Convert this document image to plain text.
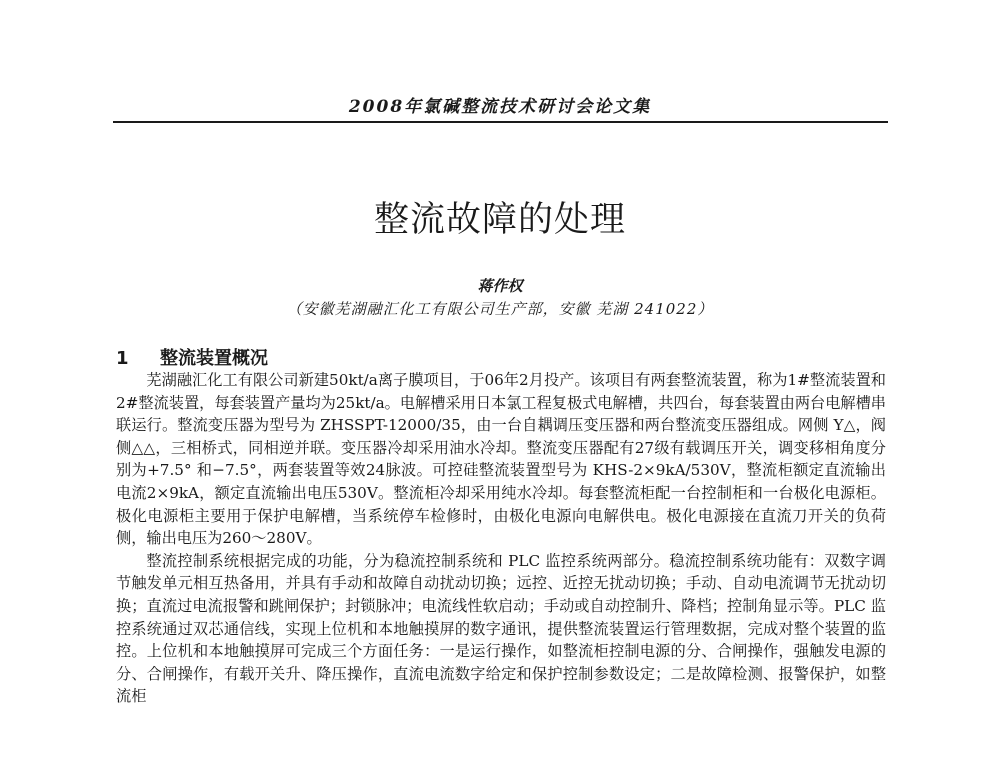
2008年氯碱整流技术研讨会论文集
整流故障的处理
蒋作权
（安徽芜湖融汇化工有限公司生产部，安徽 芜湖 241022）
1 整流装置概况

芜湖融汇化工有限公司新建50kt/a离子膜项目，于06年2月投产。该项目有两套整流装置，称为1#整流装置和2#整流装置，每套装置产量均为25kt/a。电解槽采用日本氯工程复极式电解槽，共四台，每套装置由两台电解槽串联运行。整流变压器为型号为 ZHSSPT-12000/35，由一台自耦调压变压器和两台整流变压器组成。网侧 Y△，阀侧△△，三相桥式，同相逆并联。变压器冷却采用油水冷却。整流变压器配有27级有载调压开关，调变移相角度分别为+7.5° 和−7.5°，两套装置等效24脉波。可控硅整流装置型号为 KHS-2×9kA/530V，整流柜额定直流输出电流2×9kA，额定直流输出电压530V。整流柜冷却采用纯水冷却。每套整流柜配一台控制柜和一台极化电源柜。极化电源柜主要用于保护电解槽，当系统停车检修时，由极化电源向电解供电。极化电源接在直流刀开关的负荷侧，输出电压为260～280V。

整流控制系统根据完成的功能，分为稳流控制系统和 PLC 监控系统两部分。稳流控制系统功能有：双数字调节触发单元相互热备用，并具有手动和故障自动扰动切换；远控、近控无扰动切换；手动、自动电流调节无扰动切换；直流过电流报警和跳闸保护；封锁脉冲；电流线性软启动；手动或自动控制升、降档；控制角显示等。PLC 监控系统通过双芯通信线，实现上位机和本地触摸屏的数字通讯，提供整流装置运行管理数据，完成对整个装置的监控。上位机和本地触摸屏可完成三个方面任务：一是运行操作，如整流柜控制电源的分、合闸操作，强触发电源的分、合闸操作，有载开关升、降压操作，直流电流数字给定和保护控制参数设定；二是故障检测、报警保护，如整流柜
